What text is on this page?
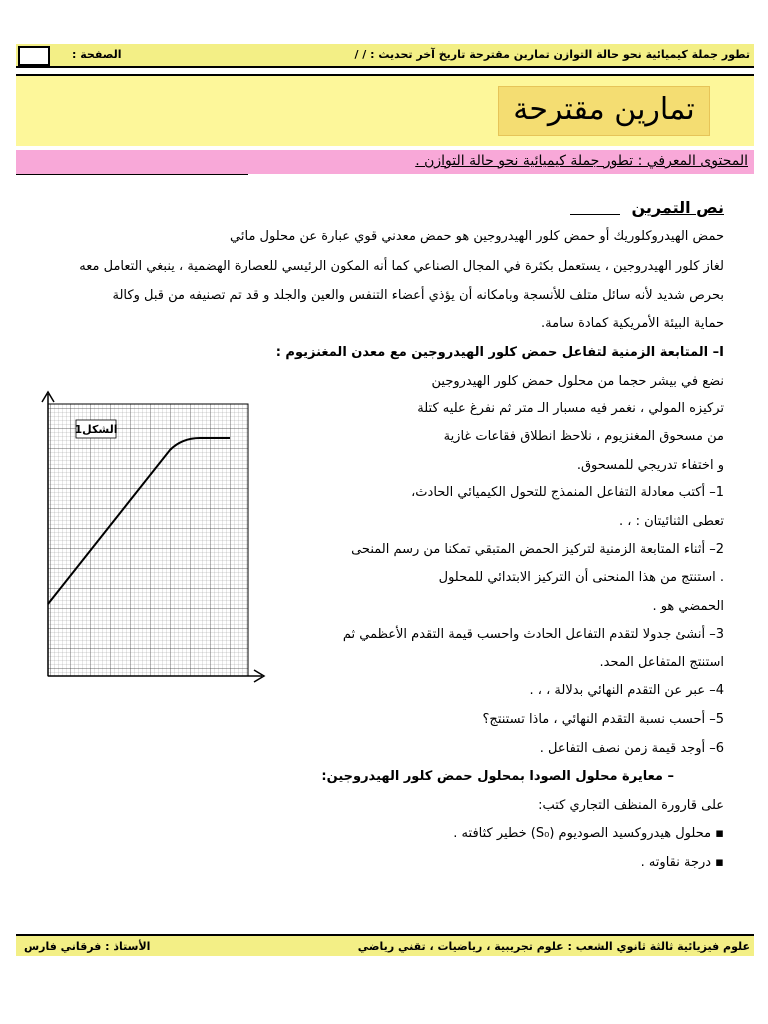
تطور جملة كيميائية نحو حالة التوازن تمارين مقترحة تاريخ آخر تحديث : / /
الصفحة :
تمارين مقترحة
المحتوى المعرفي : تطور جملة كيميائية نحو حالة التوازن .
نص التمرين
حمض الهيدروكلوريك أو حمض كلور الهيدروجين هو حمض معدني قوي عبارة عن محلول مائي
لغاز كلور الهيدروجين ، يستعمل بكثرة في المجال الصناعي كما أنه المكون الرئيسي للعصارة الهضمية ، ينبغي التعامل معه
بحرص شديد لأنه سائل متلف للأنسجة وبامكانه أن يؤذي أعضاء التنفس والعين والجلد و قد تم تصنيفه من قبل وكالة
حماية البيئة الأمريكية كمادة سامة.
I– المتابعة الزمنية لتفاعل حمض كلور الهيدروجين مع معدن المغنزيوم :
نضع في بيشر حجما من محلول حمض كلور الهيدروجين
تركيزه المولي ، نغمر فيه مسبار الـ متر ثم نفرغ عليه كتلة
من مسحوق المغنزيوم ، نلاحظ انطلاق فقاعات غازية
و اختفاء تدريجي للمسحوق.
1– أكتب معادلة التفاعل المنمذج للتحول الكيميائي الحادث،
تعطى الثنائيتان : ، .
2– أثناء المتابعة الزمنية لتركيز الحمض المتبقي تمكنا من رسم المنحى
. استنتج من هذا المنحنى أن التركيز الابتدائي للمحلول
الحمضي هو .
3– أنشئ جدولا لتقدم التفاعل الحادث واحسب قيمة التقدم الأعظمي ثم
استنتج المتفاعل المحد.
4– عبر عن التقدم النهائي بدلالة ، ، .
5– أحسب نسبة التقدم النهائي ، ماذا تستنتج؟
6– أوجد قيمة زمن نصف التفاعل .
– معايرة محلول الصودا بمحلول حمض كلور الهيدروجين:
على قارورة المنظف التجاري كتب:
▪ محلول هيدروكسيد الصوديوم (S₀) خطير كثافته .
▪ درجة نقاوته .
الشكل1
علوم فيزيائية ثالثة ثانوي الشعب : علوم تجريبية ، رياضيات ، تقني رياضي
الأستاذ : فرقاني فارس
